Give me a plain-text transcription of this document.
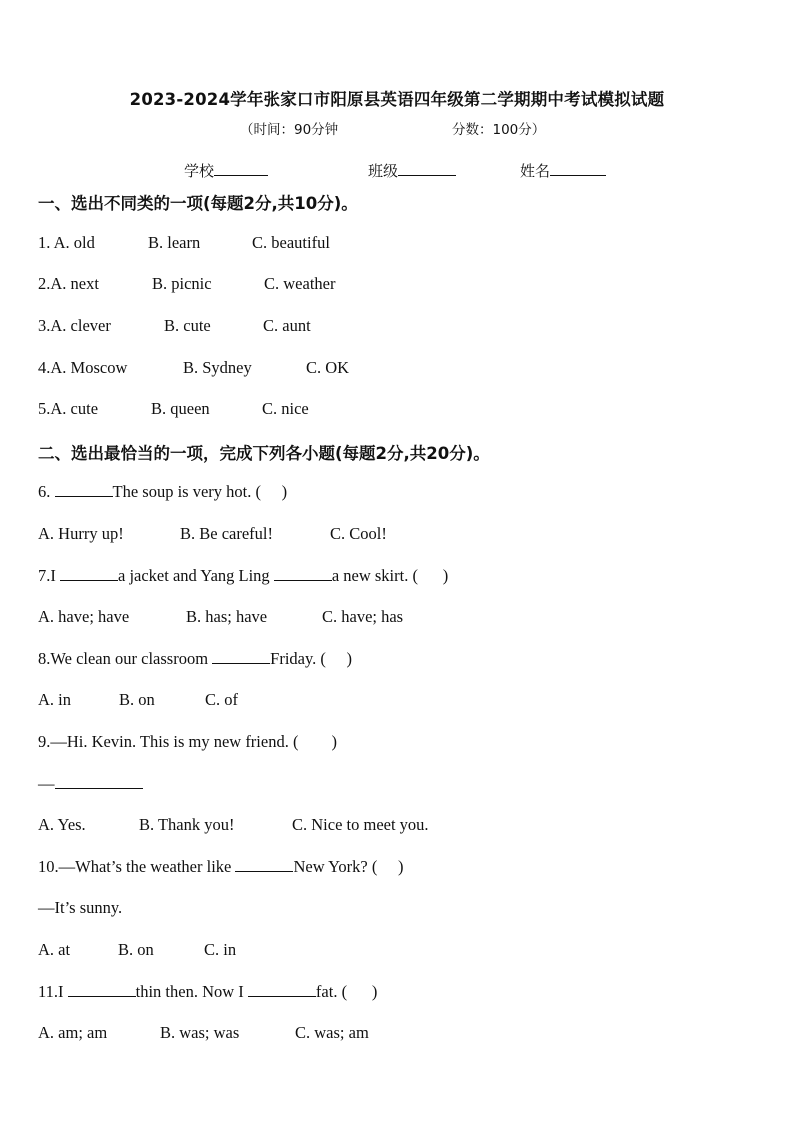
2023-2024学年张家口市阳原县英语四年级第二学期期中考试模拟试题
（时间：90分钟	分数：100分）
学校	班级	姓名
一、选出不同类的一项(每题2分,共10分)。
1. A. old	B. learn	C. beautiful
2.A. next	B. picnic	C. weather
3.A. clever	B. cute	C. aunt
4.A. Moscow	B. Sydney	C. OK
5.A. cute	B. queen	C. nice
二、选出最恰当的一项，完成下列各小题(每题2分,共20分)。
6.	The soup is very hot. (     )
A. Hurry up!	B. Be careful!	C. Cool!
7.I	a jacket and Yang Ling	a new skirt. (      )
A. have; have	B. has; have	C. have; has
8.We clean our classroom	Friday. (     )
A. in	B. on	C. of
9.—Hi. Kevin. This is my new friend. (        )
—
A. Yes.	B. Thank you!	C. Nice to meet you.
10.—What’s the weather like	New York? (     )
—It’s sunny.
A. at	B. on	C. in
11.I	thin then. Now I	fat. (      )
A. am; am	B. was; was	C. was; am
